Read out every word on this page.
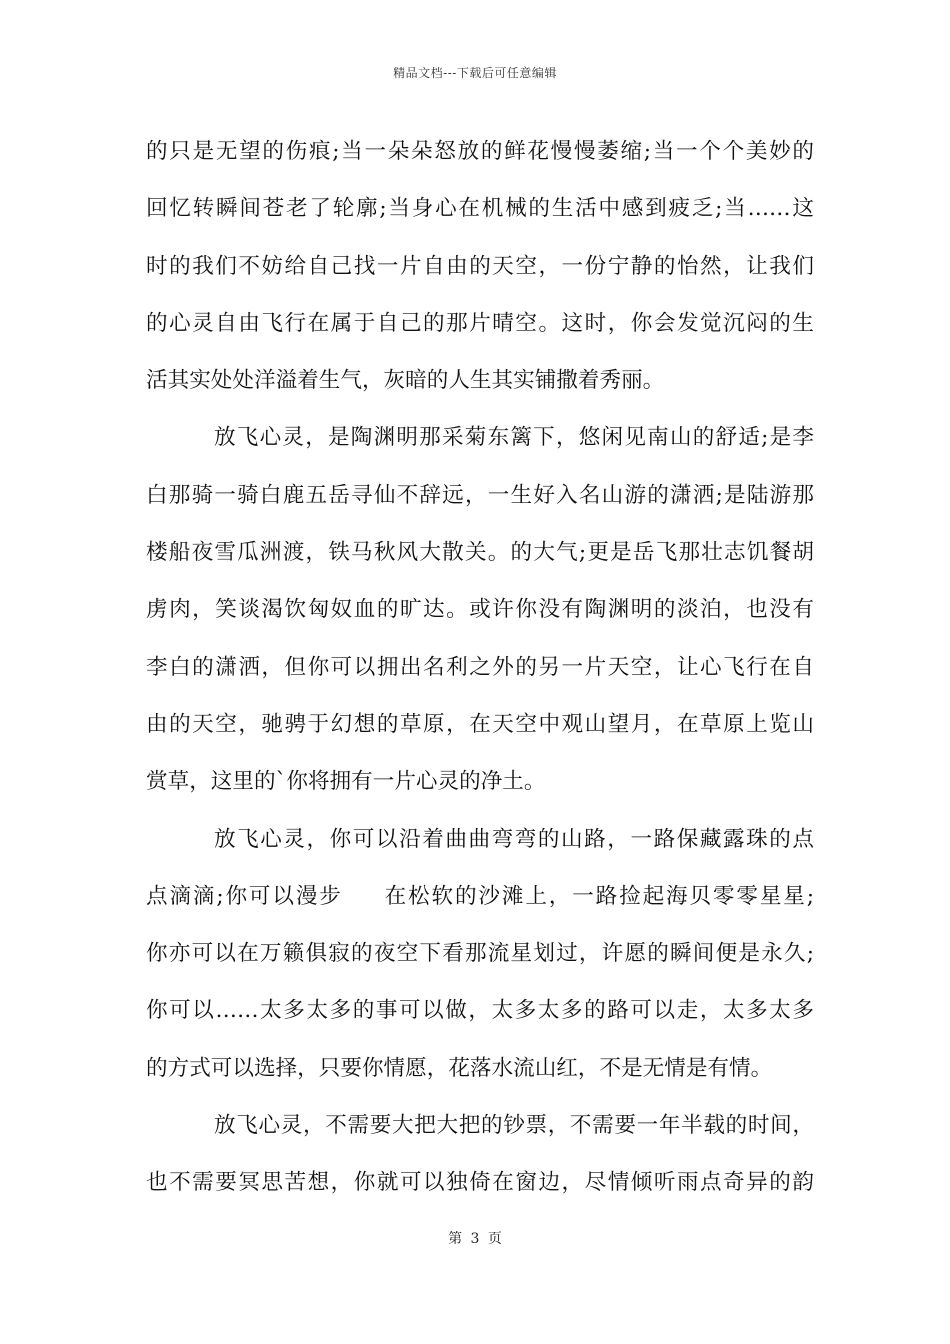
精品文档---下载后可任意编辑
的只是无望的伤痕;当一朵朵怒放的鲜花慢慢萎缩;当一个个美妙的
回忆转瞬间苍老了轮廓;当身心在机械的生活中感到疲乏;当……这
时的我们不妨给自己找一片自由的天空，一份宁静的怡然，让我们
的心灵自由飞行在属于自己的那片晴空。这时，你会发觉沉闷的生
活其实处处洋溢着生气，灰暗的人生其实铺撒着秀丽。
放飞心灵，是陶渊明那采菊东篱下，悠闲见南山的舒适;是李
白那骑一骑白鹿五岳寻仙不辞远，一生好入名山游的潇洒;是陆游那
楼船夜雪瓜洲渡，铁马秋风大散关。的大气;更是岳飞那壮志饥餐胡
虏肉，笑谈渴饮匈奴血的旷达。或许你没有陶渊明的淡泊，也没有
李白的潇洒，但你可以拥出名利之外的另一片天空，让心飞行在自
由的天空，驰骋于幻想的草原，在天空中观山望月，在草原上览山
赏草，这里的`你将拥有一片心灵的净土。
放飞心灵，你可以沿着曲曲弯弯的山路，一路保藏露珠的点
点滴滴;你可以漫步 在松软的沙滩上，一路捡起海贝零零星星;
你亦可以在万籁俱寂的夜空下看那流星划过，许愿的瞬间便是永久;
你可以……太多太多的事可以做，太多太多的路可以走，太多太多
的方式可以选择，只要你情愿，花落水流山红，不是无情是有情。
放飞心灵，不需要大把大把的钞票，不需要一年半载的时间，
也不需要冥思苦想，你就可以独倚在窗边，尽情倾听雨点奇异的韵
第 3 页
